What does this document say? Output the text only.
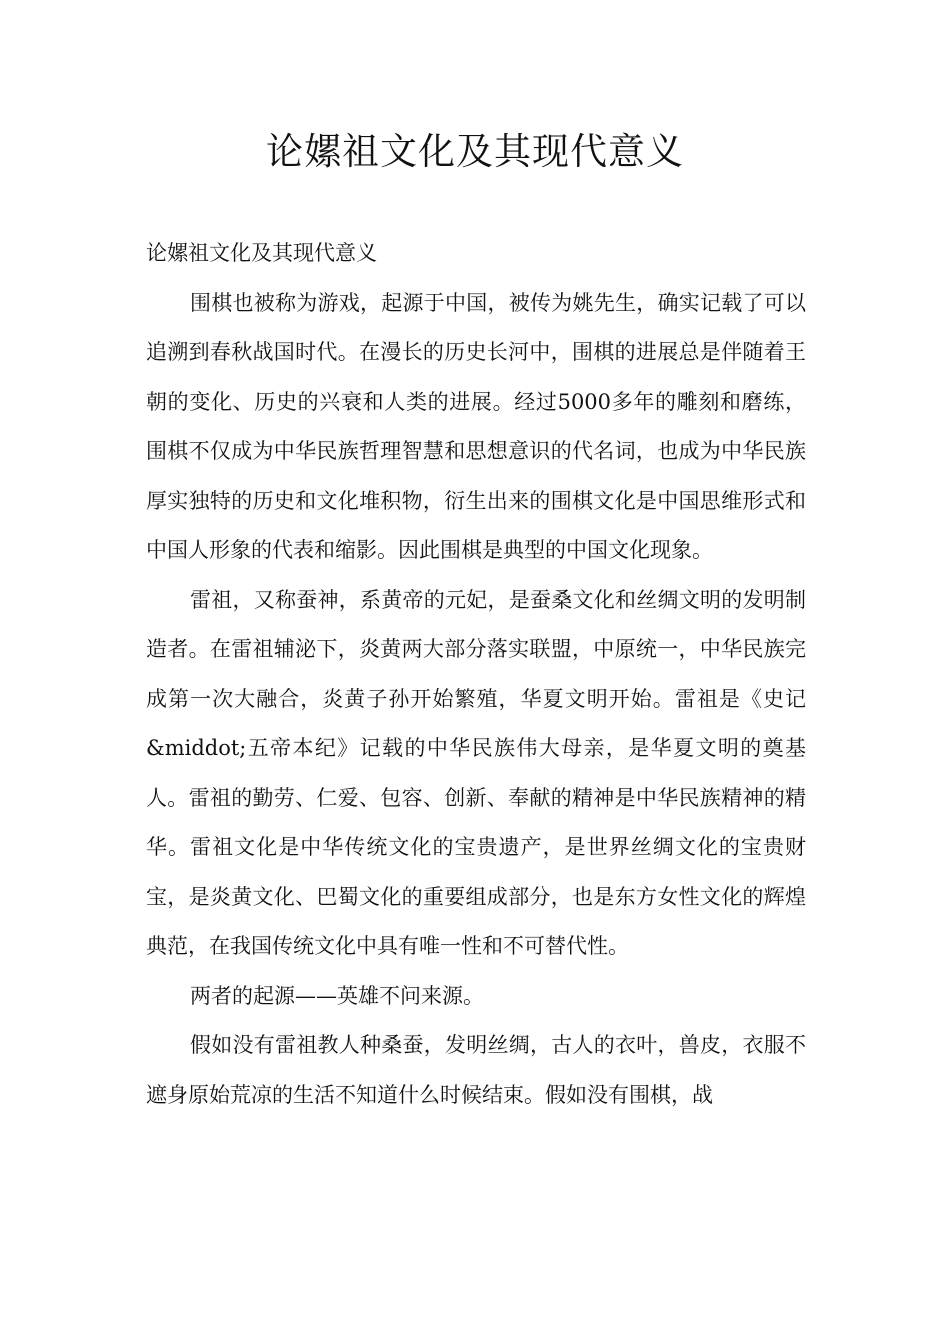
论嫘祖文化及其现代意义

论嫘祖文化及其现代意义

围棋也被称为游戏，起源于中国，被传为姚先生，确实记载了可以追溯到春秋战国时代。在漫长的历史长河中，围棋的进展总是伴随着王朝的变化、历史的兴衰和人类的进展。经过5000多年的雕刻和磨练，围棋不仅成为中华民族哲理智慧和思想意识的代名词，也成为中华民族厚实独特的历史和文化堆积物，衍生出来的围棋文化是中国思维形式和中国人形象的代表和缩影。因此围棋是典型的中国文化现象。

雷祖，又称蚕神，系黄帝的元妃，是蚕桑文化和丝绸文明的发明制造者。在雷祖辅泌下，炎黄两大部分落实联盟，中原统一，中华民族完成第一次大融合，炎黄子孙开始繁殖，华夏文明开始。雷祖是《史记&middot;五帝本纪》记载的中华民族伟大母亲，是华夏文明的奠基人。雷祖的勤劳、仁爱、包容、创新、奉献的精神是中华民族精神的精华。雷祖文化是中华传统文化的宝贵遗产，是世界丝绸文化的宝贵财宝，是炎黄文化、巴蜀文化的重要组成部分，也是东方女性文化的辉煌典范，在我国传统文化中具有唯一性和不可替代性。

两者的起源——英雄不问来源。

假如没有雷祖教人种桑蚕，发明丝绸，古人的衣叶，兽皮，衣服不遮身原始荒凉的生活不知道什么时候结束。假如没有围棋，战
